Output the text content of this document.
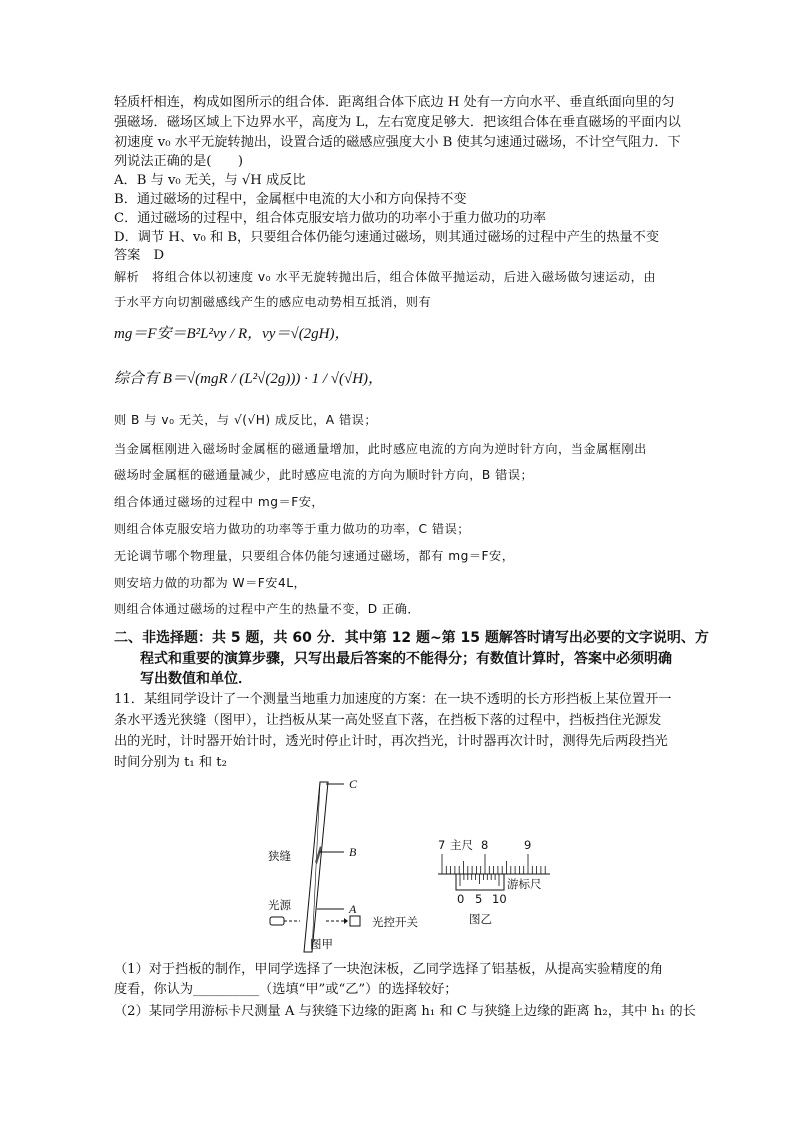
轻质杆相连，构成如图所示的组合体．距离组合体下底边 H 处有一方向水平、垂直纸面向里的匀
强磁场．磁场区域上下边界水平，高度为 L，左右宽度足够大．把该组合体在垂直磁场的平面内以
初速度 v₀ 水平无旋转抛出，设置合适的磁感应强度大小 B 使其匀速通过磁场，不计空气阻力．下
列说法正确的是(　　)
A．B 与 v₀ 无关，与 √H 成反比
B．通过磁场的过程中，金属框中电流的大小和方向保持不变
C．通过磁场的过程中，组合体克服安培力做功的功率小于重力做功的功率
D．调节 H、v₀ 和 B，只要组合体仍能匀速通过磁场，则其通过磁场的过程中产生的热量不变
答案　D
解析　将组合体以初速度 v₀ 水平无旋转抛出后，组合体做平抛运动，后进入磁场做匀速运动，由
于水平方向切割磁感线产生的感应电动势相互抵消，则有
mg＝F安＝B²L²vy / R，vy＝√(2gH)，
综合有 B＝√(mgR / (L²√(2g))) · 1 / √(√H)，
则 B 与 v₀ 无关，与 √(√H) 成反比，A 错误；
当金属框刚进入磁场时金属框的磁通量增加，此时感应电流的方向为逆时针方向，当金属框刚出
磁场时金属框的磁通量减少，此时感应电流的方向为顺时针方向，B 错误；
组合体通过磁场的过程中 mg＝F安，
则组合体克服安培力做功的功率等于重力做功的功率，C 错误；
无论调节哪个物理量，只要组合体仍能匀速通过磁场，都有 mg＝F安，
则安培力做的功都为 W＝F安4L，
则组合体通过磁场的过程中产生的热量不变，D 正确．
二、非选择题：共 5 题，共 60 分．其中第 12 题~第 15 题解答时请写出必要的文字说明、方
程式和重要的演算步骤，只写出最后答案的不能得分；有数值计算时，答案中必须明确
写出数值和单位．
11．某组同学设计了一个测量当地重力加速度的方案：在一块不透明的长方形挡板上某位置开一
条水平透光狭缝（图甲），让挡板从某一高处竖直下落，在挡板下落的过程中，挡板挡住光源发
出的光时，计时器开始计时，透光时停止计时，再次挡光，计时器再次计时，测得先后两段挡光
时间分别为 t₁ 和 t₂
C
B
A
狭缝
光源
光控开关
图甲
7 主尺 8	9
游标尺
0 5 10
图乙
（1）对于挡板的制作，甲同学选择了一块泡沫板，乙同学选择了铝基板，从提高实验精度的角
度看，你认为__________（选填“甲”或“乙”）的选择较好；
（2）某同学用游标卡尺测量 A 与狭缝下边缘的距离 h₁ 和 C 与狭缝上边缘的距离 h₂，其中 h₁ 的长
